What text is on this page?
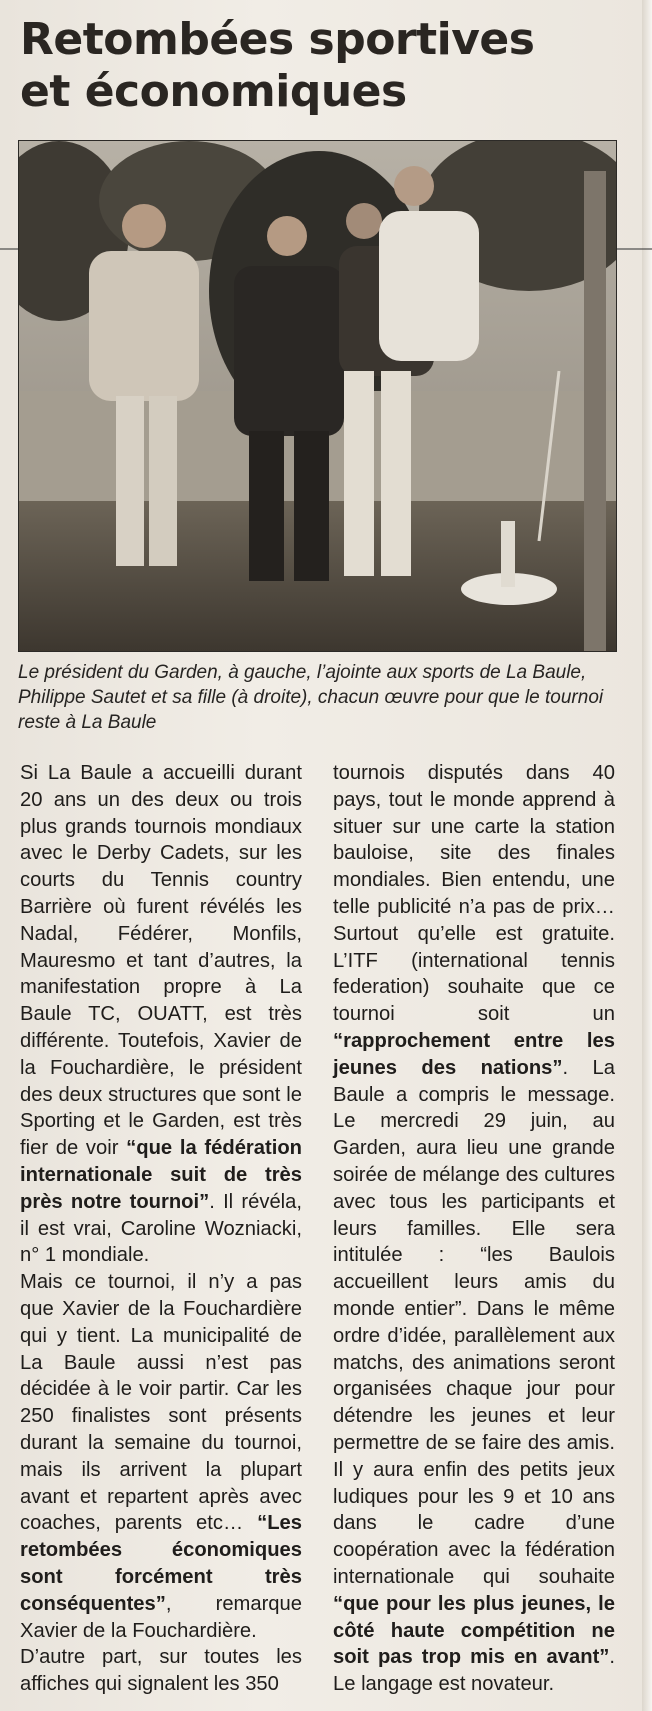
Retombées sportives et économiques

Le président du Garden, à gauche, l’ajointe aux sports de La Baule, Philippe Sautet et sa fille (à droite), chacun œuvre pour que le tournoi reste à La Baule

Si La Baule a accueilli durant 20 ans un des deux ou trois plus grands tournois mondiaux avec le Derby Cadets, sur les courts du Tennis country Barrière où furent révélés les Nadal, Fédérer, Monfils, Mauresmo et tant d’autres, la manifestation propre à La Baule TC, OUATT, est très différente. Toutefois, Xavier de la Fouchardière, le président des deux structures que sont le Sporting et le Garden, est très fier de voir “que la fédération internationale suit de très près notre tournoi”. Il révéla, il est vrai, Caroline Wozniacki, n° 1 mondiale.

Mais ce tournoi, il n’y a pas que Xavier de la Fouchardière qui y tient. La municipalité de La Baule aussi n’est pas décidée à le voir partir. Car les 250 finalistes sont présents durant la semaine du tournoi, mais ils arrivent la plupart avant et repartent après avec coaches, parents etc… “Les retombées économiques sont forcément très conséquentes”, remarque Xavier de la Fouchardière.

D’autre part, sur toutes les affiches qui signalent les 350

tournois disputés dans 40 pays, tout le monde apprend à situer sur une carte la station bauloise, site des finales mondiales. Bien entendu, une telle publicité n’a pas de prix… Surtout qu’elle est gratuite. L’ITF (international tennis federation) souhaite que ce tournoi soit un “rapprochement entre les jeunes des nations”. La Baule a compris le message. Le mercredi 29 juin, au Garden, aura lieu une grande soirée de mélange des cultures avec tous les participants et leurs familles. Elle sera intitulée : “les Baulois accueillent leurs amis du monde entier”. Dans le même ordre d’idée, parallèlement aux matchs, des animations seront organisées chaque jour pour détendre les jeunes et leur permettre de se faire des amis. Il y aura enfin des petits jeux ludiques pour les 9 et 10 ans dans le cadre d’une coopération avec la fédération internationale qui souhaite “que pour les plus jeunes, le côté haute compétition ne soit pas trop mis en avant”. Le langage est novateur.
